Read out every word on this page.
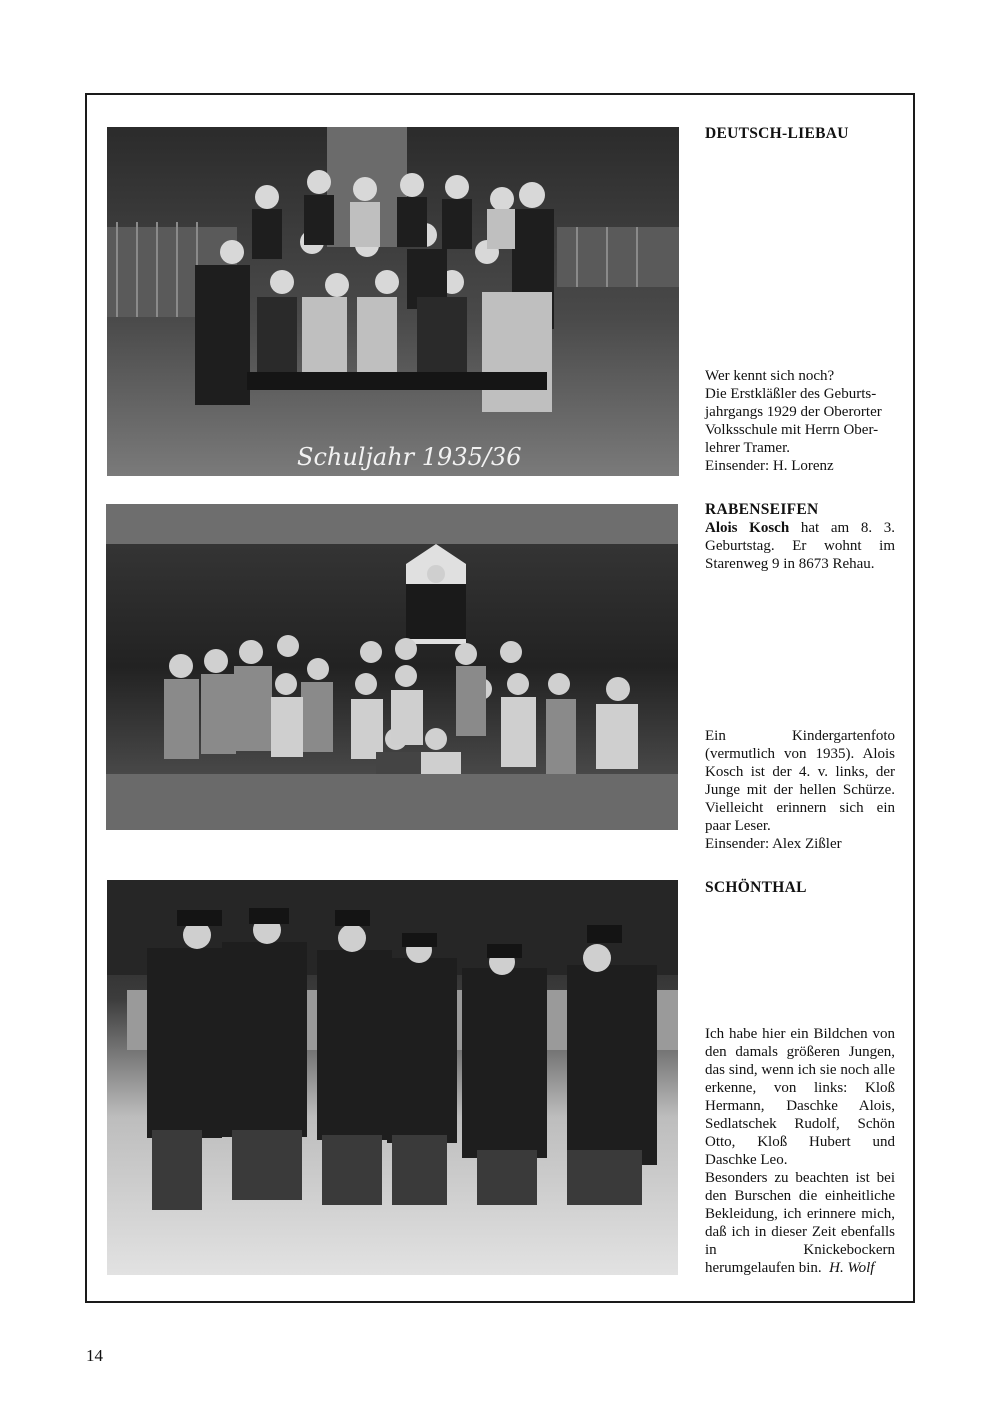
Schuljahr 1935/36
DEUTSCH-LIEBAU

Wer kennt sich noch?

Die Erstkläßler des Geburts-

jahrgangs 1929 der Oberorter

Volksschule mit Herrn Ober-

lehrer Tramer.

Einsender: H. Lorenz

RABENSEIFEN

Alois Kosch hat am 8. 3. Geburtstag. Er wohnt im Starenweg 9 in 8673 Rehau.

Ein Kindergartenfoto (vermutlich von 1935). Alois Kosch ist der 4. v. links, der Junge mit der hellen Schürze. Vielleicht erinnern sich ein paar Leser.

Einsender: Alex Zißler

SCHÖNTHAL

Ich habe hier ein Bildchen von den damals größeren Jungen, das sind, wenn ich sie noch alle erkenne, von links: Kloß Hermann, Daschke Alois, Sedlatschek Rudolf, Schön Otto, Kloß Hubert und Daschke Leo.

Besonders zu beachten ist bei den Burschen die einheitliche Bekleidung, ich erinnere mich, daß ich in dieser Zeit ebenfalls in Knickebockern herumgelaufen bin. H. Wolf

14
